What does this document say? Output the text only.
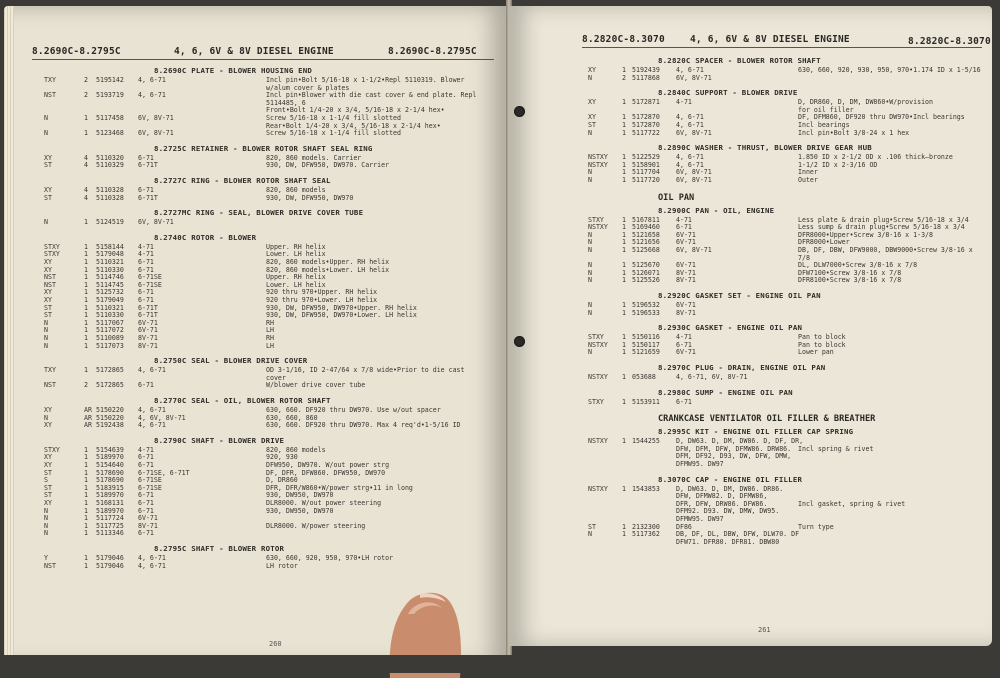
8.2690C-8.2795C	4, 6, 6V & 8V DIESEL ENGINE	8.2690C-8.2795C
8.2690C PLATE - BLOWER HOUSING END
TXY	2 5195142 4, 6-71	Incl pin•Bolt 5/16-18 x 1-1/2•Repl 5110319. Blower
w/alum cover & plates
NST	2 5193719 4, 6-71	Incl pin•Blower with die cast cover & end plate. Repl
5114485, 6
Front•Bolt 1/4-20 x 3/4, 5/16-18 x 2-1/4 hex•
N	1 5117458 6V, 8V-71	Screw 5/16-18 x 1-1/4 fill slotted
Rear•Bolt 1/4-20 x 3/4, 5/16-18 x 2-1/4 hex•
N	1 5123468 6V, 8V-71	Screw 5/16-18 x 1-1/4 fill slotted
8.2725C RETAINER - BLOWER ROTOR SHAFT SEAL RING
XY	4 5110320 6-71	820, 860 models. Carrier
ST	4 5110329 6-71T	930, DW, DFW950, DW970. Carrier
8.2727C RING - BLOWER ROTOR SHAFT SEAL
XY	4 5110328 6-71	820, 860 models
ST	4 5110328 6-71T	930, DW, DFW950, DW970
8.2727MC RING - SEAL, BLOWER DRIVE COVER TUBE
N	1 5124519 6V, 8V-71
8.2740C ROTOR - BLOWER
STXY	1 5158144 4-71	Upper. RH helix
STXY	1 5179048 4-71	Lower. LH helix
XY	1 5110321 6-71	820, 860 models•Upper. RH helix
XY	1 5110330 6-71	820, 860 models•Lower. LH helix
NST	1 5114746 6-71SE	Upper. RH helix
NST	1 5114745 6-71SE	Lower. LH helix
XY	1 5125732 6-71	920 thru 970•Upper. RH helix
XY	1 5179049 6-71	920 thru 970•Lower. LH helix
ST	1 5110321 6-71T	930, DW, DFW950, DW970•Upper. RH helix
ST	1 5110330 6-71T	930, DW, DFW950, DW970•Lower. LH helix
N	1 5117067 6V-71	RH
N	1 5117072 6V-71	LH
N	1 5110089 8V-71	RH
N	1 5117073 8V-71	LH
8.2750C SEAL - BLOWER DRIVE COVER
TXY	1 5172865 4, 6-71	OD 3-1/16, ID 2-47/64 x 7/8 wide•Prior to die cast
cover
NST	2 5172865 6-71	W/blower drive cover tube
8.2770C SEAL - OIL, BLOWER ROTOR SHAFT
XY	AR 5150220 4, 6-71	630, 660. DF920 thru DW970. Use w/out spacer
N	AR 5150220 4, 6V, 8V-71	630, 660, 860
XY	AR 5192438 4, 6-71	630, 660. DF920 thru DW970. Max 4 req'd•1-5/16 ID
8.2790C SHAFT - BLOWER DRIVE
STXY	1 5154639 4-71	820, 860 models
XY	1 5189970 6-71	920, 930
XY	1 5154640 6-71	DFW950, DW970. W/out power strg
ST	1 5178690 6-71SE, 6-71T	DF, DFR, DFW860. DFW950, DW970
S	1 5178690 6-71SE	D, DR860
ST	1 5183915 6-71SE	DFR, DFR/W860•W/power strg•11 in long
ST	1 5189970 6-71	930, DW950, DW970
XY	1 5168131 6-71	DLR8000. W/out power steering
N	1 5189970 6-71	930, DW950, DW970
N	1 5117724 6V-71
N	1 5117725 8V-71	DLR8000. W/power steering
N	1 5113346 6-71
8.2795C SHAFT - BLOWER ROTOR
Y	1 5179046 4, 6-71	630, 660, 920, 950, 970•LH rotor
NST	1 5179046 4, 6-71	LH rotor
260
8.2820C-8.3070	4, 6, 6V & 8V DIESEL ENGINE	8.2820C-8.3070
8.2820C SPACER - BLOWER ROTOR SHAFT
XY	1 5192439 4, 6-71	630, 660, 920, 930, 950, 970•1.174 ID x 1-5/16
N	2 5117868 6V, 8V-71
8.2840C SUPPORT - BLOWER DRIVE
XY	1 5172871 4-71	D, DR860, D, DM, DW860•W/provision
for oil filler
XY	1 5172870 4, 6-71	DF, DFM860, DF920 thru DW970•Incl bearings
ST	1 5172870 4, 6-71	Incl bearings
N	1 5117722 6V, 8V-71	Incl pin•Bolt 3/8-24 x 1 hex
8.2890C WASHER - THRUST, BLOWER DRIVE GEAR HUB
NSTXY 1 5122529 4, 6-71	1.850 ID x 2-1/2 OD x .106 thick—bronze
NSTXY 1 5158901 4, 6-71	1-1/2 ID x 2-3/16 OD
N	1 5117704 6V, 8V-71	Inner
N	1 5117720 6V, 8V-71	Outer
OIL PAN
8.2900C PAN - OIL, ENGINE
STXY	1 5167811 4-71	Less plate & drain plug•Screw 5/16-18 x 3/4
NSTXY 1 5169460 6-71	Less sump & drain plug•Screw 5/16-18 x 3/4
N	1 5121658 6V-71	DFR8000•Upper•Screw 3/8-16 x 1-3/8
N	1 5121656 6V-71	DFR8000•Lower
N	1 5125668 6V, 8V-71	DB, DF, DBW, DFW9000, DBW9000•Screw 3/8-16 x
7/8
N	1 5125670 6V-71	DL, DLW7000•Screw 3/8-16 x 7/8
N	1 5126071 8V-71	DFW7100•Screw 3/8-16 x 7/8
N	1 5125526 8V-71	DFR8100•Screw 3/8-16 x 7/8
8.2920C GASKET SET - ENGINE OIL PAN
N	1 5196532 6V-71
N	1 5196533 8V-71
8.2930C GASKET - ENGINE OIL PAN
STXY	1 5150116 4-71	Pan to block
NSTXY 1 5150117 6-71	Pan to block
N	1 5121659 6V-71	Lower pan
8.2970C PLUG - DRAIN, ENGINE OIL PAN
NSTXY 1 053688	4, 6-71, 6V, 8V-71
8.2980C SUMP - ENGINE OIL PAN
STXY	1 5153911 6-71
CRANKCASE VENTILATOR OIL FILLER & BREATHER
8.2995C KIT - ENGINE OIL FILLER CAP SPRING
NSTXY 1 1544255 D, DW63. D, DM, DW86. D, DF, DR,
DFW, DFM, DFW, DFMW86. DRW86. Incl spring & rivet
DFM, DF92, D93, DW, DFW, DMW,
DFMW95. DW97
8.3070C CAP - ENGINE OIL FILLER
NSTXY 1 1543853 D, DW63. D, DM, DW86. DR86.
DFW, DFMW82. D, DFMW86,
DFR, DFW, DRW86. DFW86.	Incl gasket, spring & rivet
DFM92. D93. DW, DMW, DW95.
DFMW95. DW97
ST	1 2132300 DF86	Turn type
N	1 5117362 DB, DF, DL, DBW, DFW, DLW70. DF
DFW71. DFR80. DFR81. DBW80
261
